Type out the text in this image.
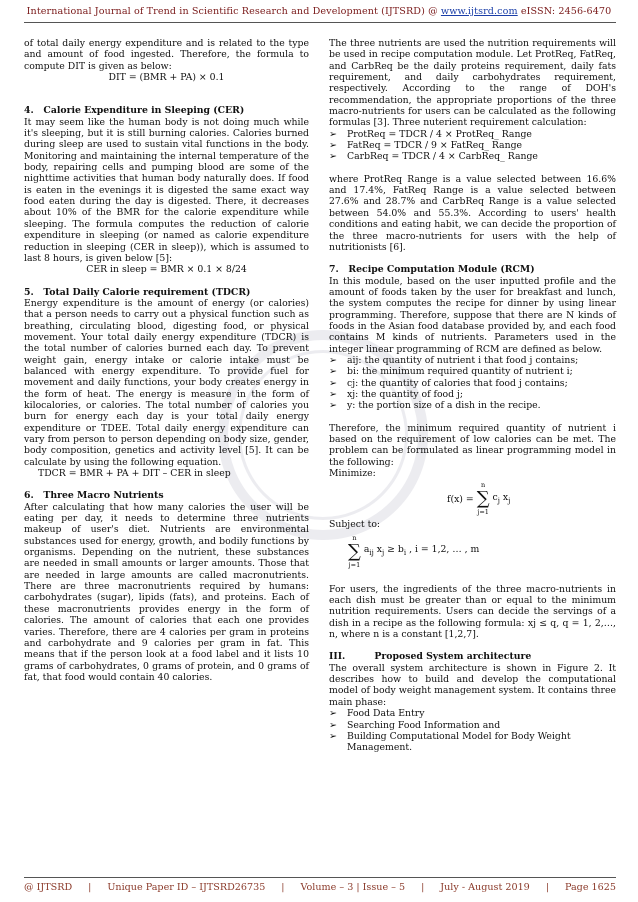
International Journal of Trend in Scientific Research and Development (IJTSRD) @ www.ijtsrd.com eISSN: 2456-6470

of total daily energy expenditure and is related to the type and amount of food ingested. Therefore, the formula to compute DIT is given as below:

DIT = (BMR + PA) × 0.1

4.   Calorie Expenditure in Sleeping (CER)

It may seem like the human body is not doing much while it's sleeping, but it is still burning calories. Calories burned during sleep are used to sustain vital functions in the body. Monitoring and maintaining the internal temperature of the body, repairing cells and pumping blood are some of the nighttime activities that human body naturally does. If food is eaten in the evenings it is digested the same exact way food eaten during the day is digested. There, it decreases about 10% of the BMR for the calorie expenditure while sleeping. The formula computes the reduction of calorie expenditure in sleeping (or named as calorie expenditure reduction in sleeping (CER in sleep)), which is assumed to last 8 hours, is given below [5]:

CER in sleep = BMR × 0.1 × 8/24

5.   Total Daily Calorie requirement (TDCR)

Energy expenditure is the amount of energy (or calories) that a person needs to carry out a physical function such as breathing, circulating blood, digesting food, or physical movement. Your total daily energy expenditure (TDCR) is the total number of calories burned each day. To prevent weight gain, energy intake or calorie intake must be balanced with energy expenditure. To provide fuel for movement and daily functions, your body creates energy in the form of heat. The energy is measure in the form of kilocalories, or calories. The total number of calories you burn for energy each day is your total daily energy expenditure or TDEE. Total daily energy expenditure can vary from person to person depending on body size, gender, body composition, genetics and activity level [5]. It can be calculate by using the following equation.

TDCR = BMR + PA + DIT – CER in sleep

6.   Three Macro Nutrients

After calculating that how many calories the user will be eating per day, it needs to determine three nutrients makeup of user's diet. Nutrients are environmental substances used for energy, growth, and bodily functions by organisms. Depending on the nutrient, these substances are needed in small amounts or larger amounts. Those that are needed in large amounts are called macronutrients. There are three macronutrients required by humans: carbohydrates (sugar), lipids (fats), and proteins. Each of these macronutrients provides energy in the form of calories. The amount of calories that each one provides varies. Therefore, there are 4 calories per gram in proteins and carbohydrate and 9 calories per gram in fat. This means that if the person look at a food label and it lists 10 grams of carbohydrates, 0 grams of protein, and 0 grams of fat, that food would contain 40 calories.

The three nutrients are used the nutrition requirements will be used in recipe computation module. Let ProtReq, FatReq, and CarbReq be the daily proteins requirement, daily fats requirement, and daily carbohydrates requirement, respectively. According to the range of DOH's recommendation, the appropriate proportions of the three macro-nutrients for users can be calculated as the following formulas [3]. Three nuterient requirement calculation:

➢	ProtReq = TDCR / 4 × ProtReq_ Range
➢	FatReq = TDCR / 9 × FatReq_ Range
➢	CarbReq = TDCR / 4 × CarbReq_ Range

where ProtReq Range is a value selected between 16.6% and 17.4%, FatReq Range is a value selected between 27.6% and 28.7% and CarbReq Range is a value selected between 54.0% and 55.3%. According to users' health conditions and eating habit, we can decide the proportion of the three macro-nutrients for users with the help of nutritionists [6].

7.   Recipe Computation Module (RCM)

In this module, based on the user inputted profile and the amount of foods taken by the user for breakfast and lunch, the system computes the recipe for dinner by using linear programming. Therefore, suppose that there are N kinds of foods in the Asian food database provided by, and each food contains M kinds of nutrients. Parameters used in the integer linear programming of RCM are defined as below.

➢	aij: the quantity of nutrient i that food j contains;
➢	bi: the minimum required quantity of nutrient i;
➢	cj: the quantity of calories that food j contains;
➢	xj: the quantity of food j;
➢	y: the portion size of a dish in the recipe.

Therefore, the minimum required quantity of nutrient i based on the requirement of low calories can be met. The problem can be formulated as linear programming model in the following:

Minimize:

f(x) =
n
∑
j=1
$c_j$ $x_j$

Subject to:

n
∑
j=1
$a_{ij}$ $x_j \ge b_i$ , i = 1,2, … , m

For users, the ingredients of the three macro-nutrients in each dish must be greater than or equal to the minimum nutrition requirements. Users can decide the servings of a dish in a recipe as the following formula: xj ≤ q, q = 1, 2,…, n, where n is a constant [1,2,7].

III.         Proposed System architecture

The overall system architecture is shown in Figure 2. It describes how to build and develop the computational model of body weight management system. It contains three main phase:

➢	Food Data Entry
➢	Searching Food Information and
➢	Building Computational Model for Body Weight Management.
@ IJTSRD | Unique Paper ID – IJTSRD26735 | Volume – 3 | Issue – 5 | July - August 2019 | Page 1625
